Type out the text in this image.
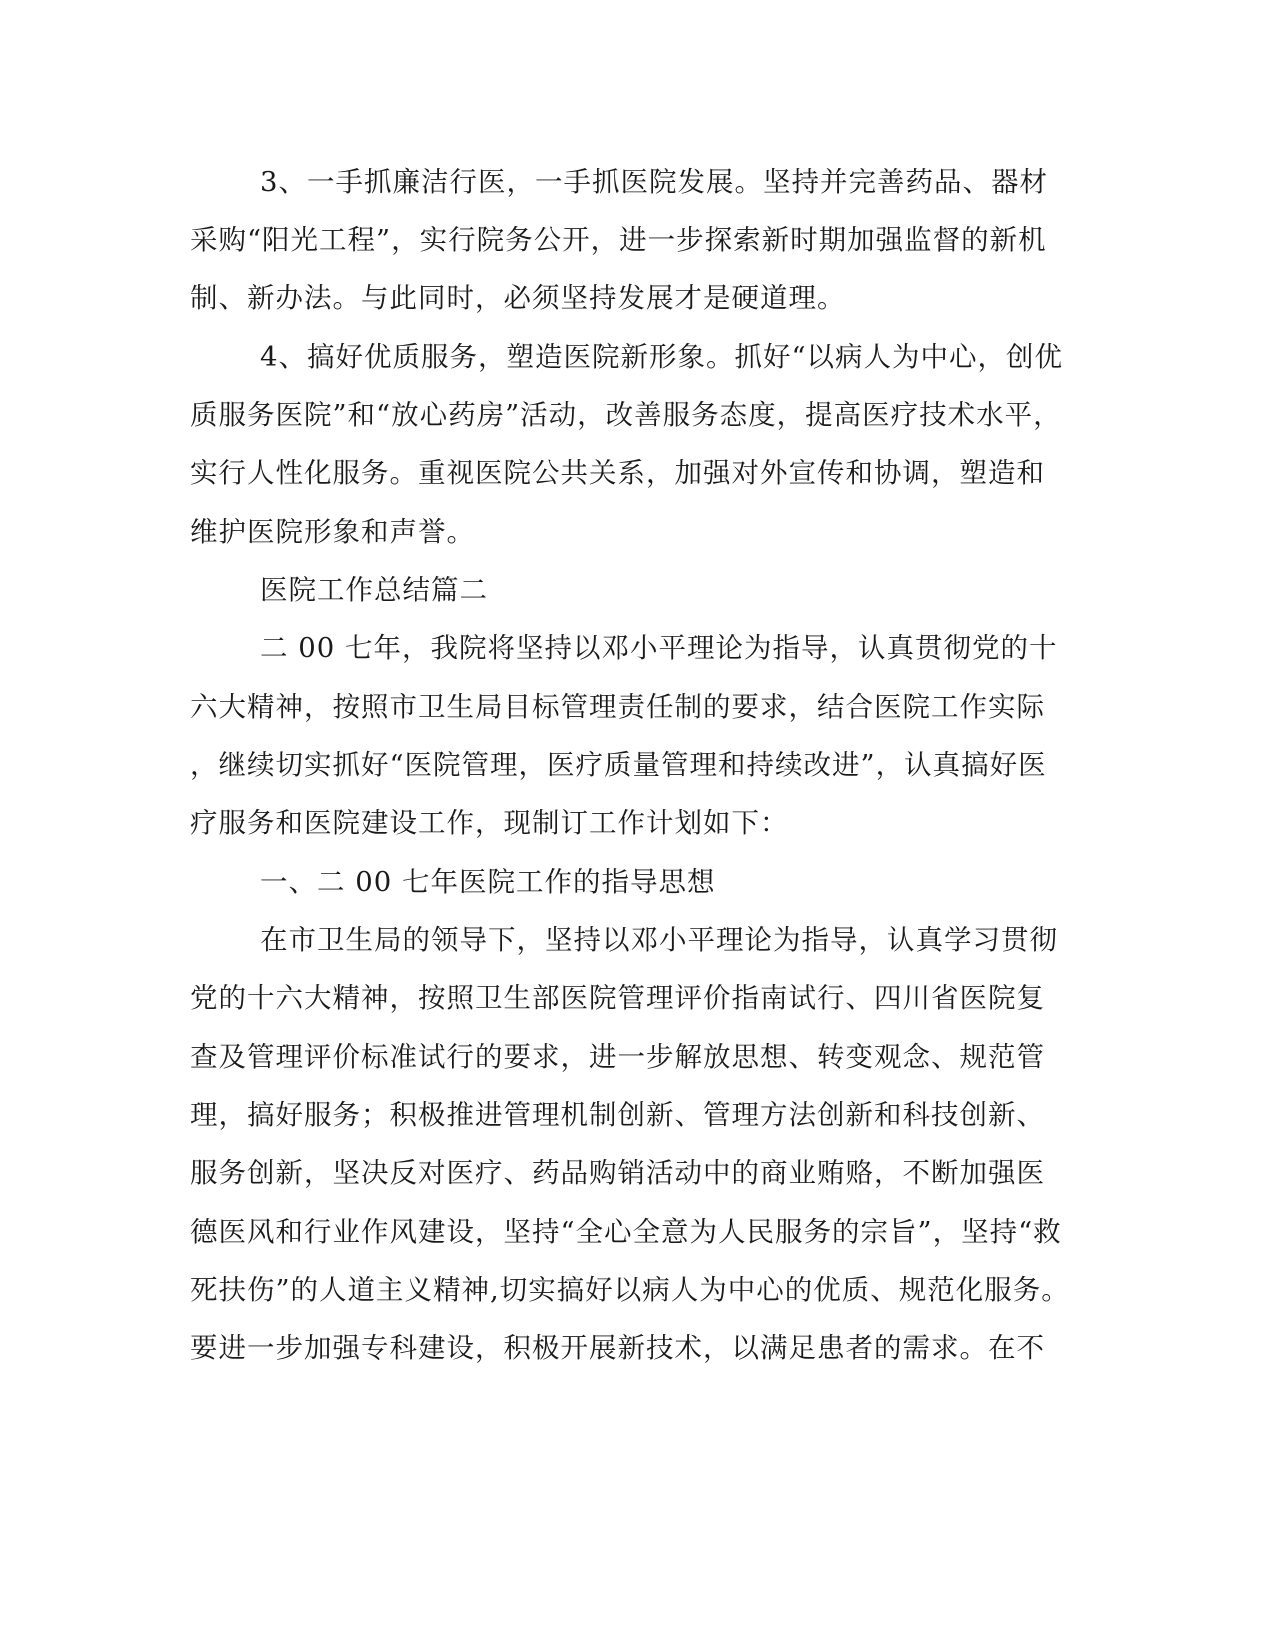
3、一手抓廉洁行医，一手抓医院发展。坚持并完善药品、器材
采购“阳光工程”，实行院务公开，进一步探索新时期加强监督的新机
制、新办法。与此同时，必须坚持发展才是硬道理。
4、搞好优质服务，塑造医院新形象。抓好“以病人为中心，创优
质服务医院”和“放心药房”活动，改善服务态度，提高医疗技术水平，
实行人性化服务。重视医院公共关系，加强对外宣传和协调，塑造和
维护医院形象和声誉。
医院工作总结篇二
二 00 七年，我院将坚持以邓小平理论为指导，认真贯彻党的十
六大精神，按照市卫生局目标管理责任制的要求，结合医院工作实际
，继续切实抓好“医院管理，医疗质量管理和持续改进”，认真搞好医
疗服务和医院建设工作，现制订工作计划如下：
一、二 00 七年医院工作的指导思想
在市卫生局的领导下，坚持以邓小平理论为指导，认真学习贯彻
党的十六大精神，按照卫生部医院管理评价指南试行、四川省医院复
查及管理评价标准试行的要求，进一步解放思想、转变观念、规范管
理，搞好服务；积极推进管理机制创新、管理方法创新和科技创新、
服务创新，坚决反对医疗、药品购销活动中的商业贿赂，不断加强医
德医风和行业作风建设，坚持“全心全意为人民服务的宗旨”，坚持“救
死扶伤”的人道主义精神,切实搞好以病人为中心的优质、规范化服务。
要进一步加强专科建设，积极开展新技术，以满足患者的需求。在不
